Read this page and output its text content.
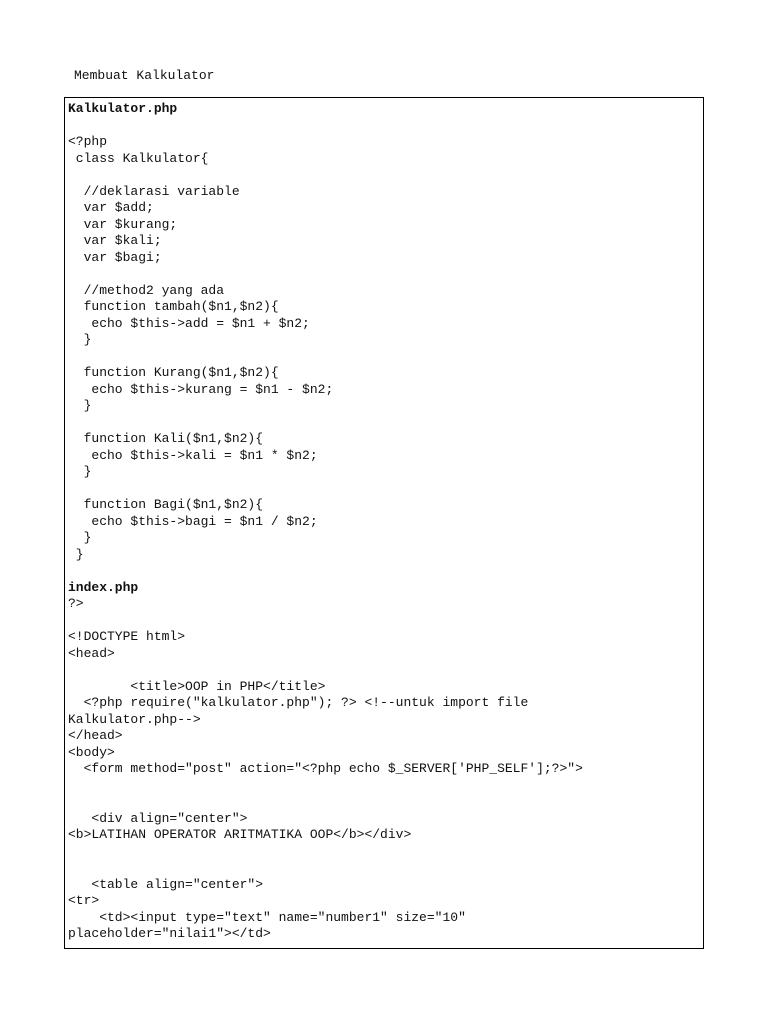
Membuat Kalkulator
Kalkulator.php
<?php
class Kalkulator{
//deklarasi variable
var $add;
var $kurang;
var $kali;
var $bagi;
//method2 yang ada
function tambah($n1,$n2){
echo $this->add = $n1 + $n2;
}
function Kurang($n1,$n2){
echo $this->kurang = $n1 - $n2;
}
function Kali($n1,$n2){
echo $this->kali = $n1 * $n2;
}
function Bagi($n1,$n2){
echo $this->bagi = $n1 / $n2;
}
}
index.php
?>
<!DOCTYPE html>
<head>
<title>OOP in PHP</title>
<?php require("kalkulator.php"); ?> <!--untuk import file
Kalkulator.php-->
</head>
<body>
<form method="post" action="<?php echo $_SERVER['PHP_SELF'];?>">
<div align="center">
<b>LATIHAN OPERATOR ARITMATIKA OOP</b></div>
<table align="center">
<tr>
<td><input type="text" name="number1" size="10"
placeholder="nilai1"></td>
